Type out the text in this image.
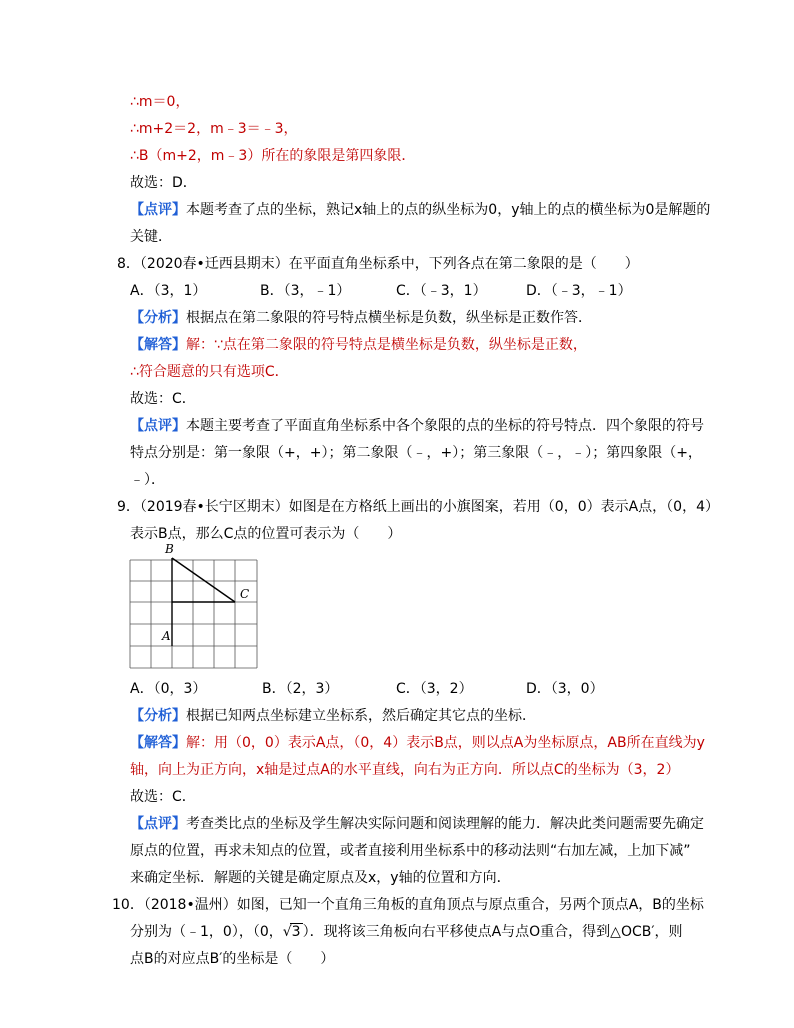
∴m＝0，
∴m+2＝2，m﹣3＝﹣3，
∴B（m+2，m﹣3）所在的象限是第四象限．
故选：D．
【点评】本题考查了点的坐标，熟记x轴上的点的纵坐标为0，y轴上的点的横坐标为0是解题的
关键．
8．（2020春•迁西县期末）在平面直角坐标系中，下列各点在第二象限的是（　　）
A．（3，1）	B．（3，﹣1）	C．（﹣3，1）	D．（﹣3，﹣1）
【分析】根据点在第二象限的符号特点横坐标是负数，纵坐标是正数作答．
【解答】解：∵点在第二象限的符号特点是横坐标是负数，纵坐标是正数，
∴符合题意的只有选项C．
故选：C．
【点评】本题主要考查了平面直角坐标系中各个象限的点的坐标的符号特点．四个象限的符号
特点分别是：第一象限（+，+）；第二象限（﹣，+）；第三象限（﹣，﹣）；第四象限（+，
﹣）．
9．（2019春•长宁区期末）如图是在方格纸上画出的小旗图案，若用（0，0）表示A点，（0，4）
表示B点，那么C点的位置可表示为（　　）
B
C
A
A．（0，3）	B．（2，3）	C．（3，2）	D．（3，0）
【分析】根据已知两点坐标建立坐标系，然后确定其它点的坐标．
【解答】解：用（0，0）表示A点，（0，4）表示B点，则以点A为坐标原点，AB所在直线为y
轴，向上为正方向，x轴是过点A的水平直线，向右为正方向．所以点C的坐标为（3，2）
故选：C．
【点评】考查类比点的坐标及学生解决实际问题和阅读理解的能力．解决此类问题需要先确定
原点的位置，再求未知点的位置，或者直接利用坐标系中的移动法则“右加左减，上加下减”
来确定坐标．解题的关键是确定原点及x，y轴的位置和方向．
10．（2018•温州）如图，已知一个直角三角板的直角顶点与原点重合，另两个顶点A，B的坐标
分别为（﹣1，0），（0，√3 ）．现将该三角板向右平移使点A与点O重合，得到△OCB′，则
点B的对应点B′的坐标是（　　）
